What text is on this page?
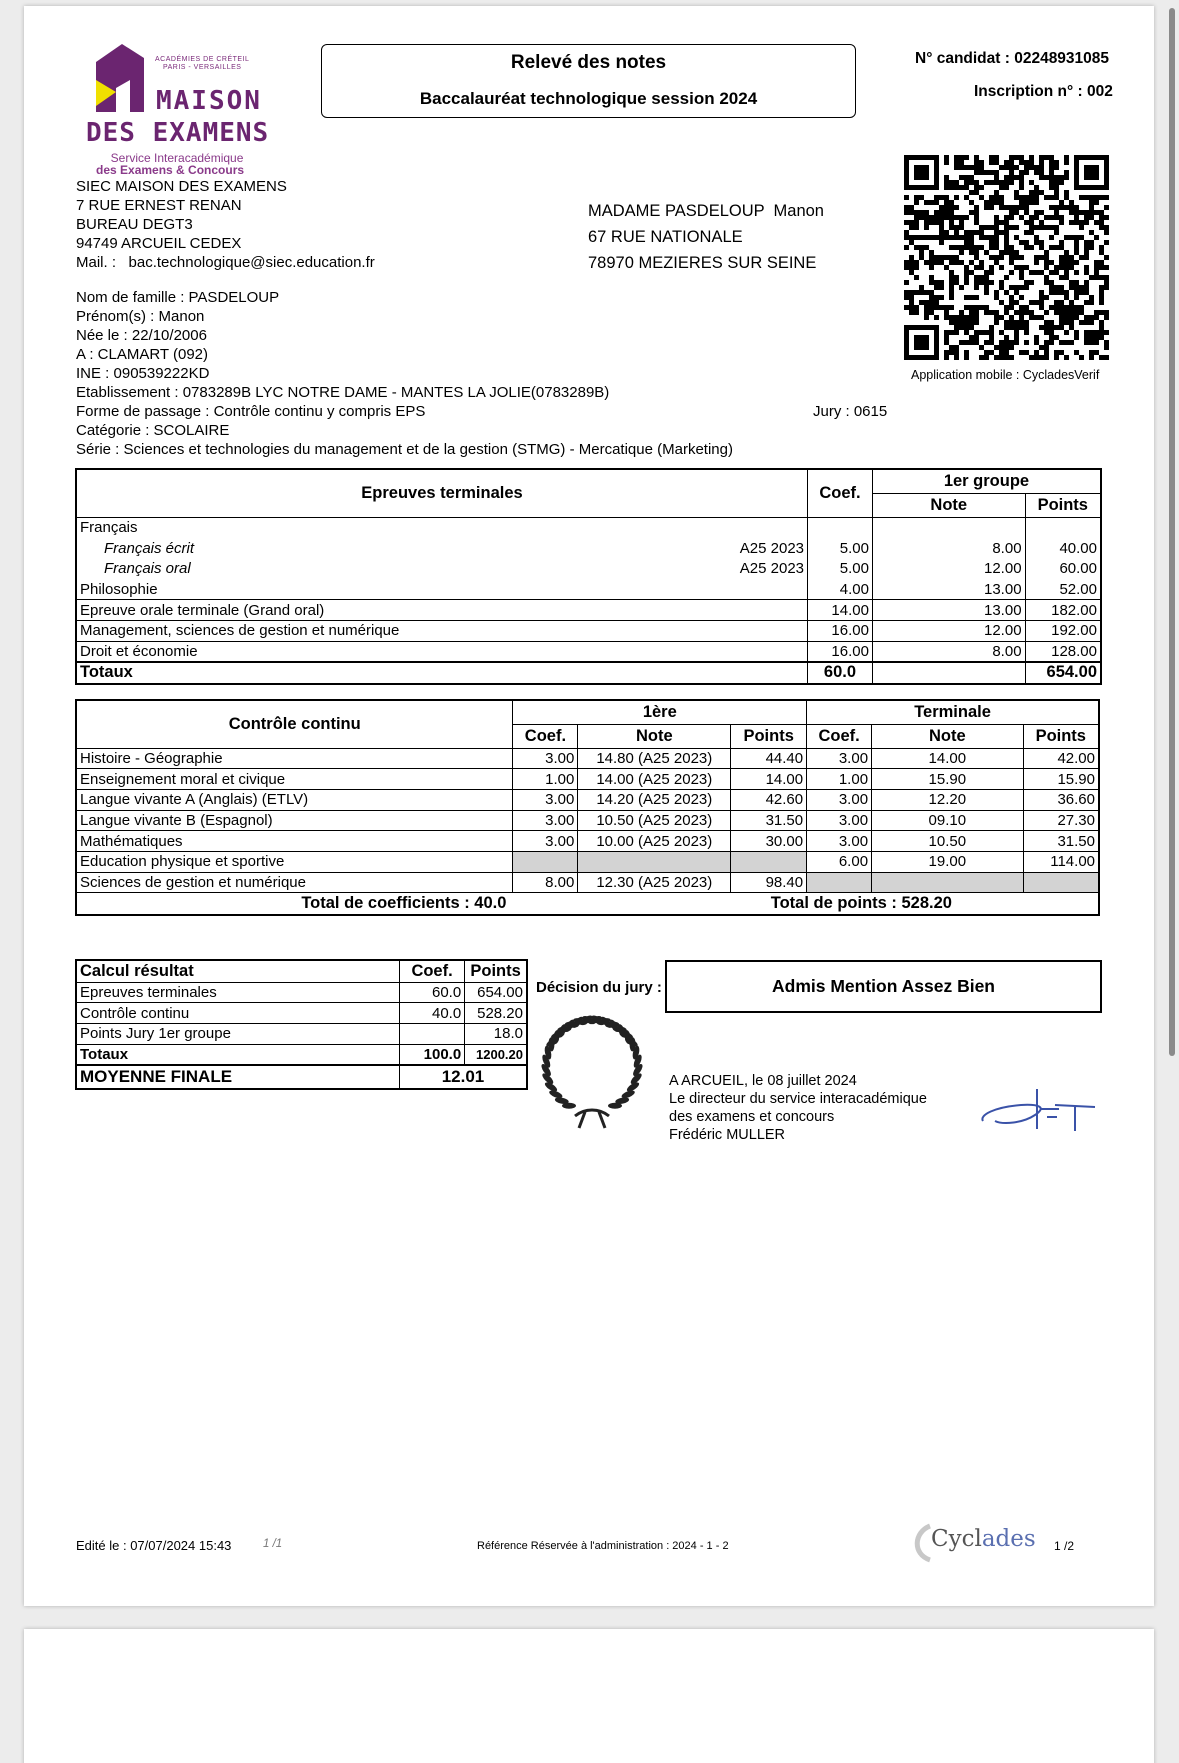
ACADÉMIES DE CRÉTEIL
PARIS - VERSAILLES
MAISON
DES EXAMENS
Service Interacadémique
des Examens & Concours
Relevé des notes
Baccalauréat technologique session 2024
N° candidat : 02248931085
Inscription n° : 002
Application mobile : CycladesVerif
SIEC MAISON DES EXAMENS
7 RUE ERNEST RENAN
BUREAU DEGT3
94749 ARCUEIL CEDEX
Mail. : bac.technologique@siec.education.fr
MADAME PASDELOUP  Manon
67 RUE NATIONALE
78970 MEZIERES SUR SEINE
Nom de famille : PASDELOUP
Prénom(s) : Manon
Née le : 22/10/2006
A : CLAMART (092)
INE : 090539222KD
Etablissement : 0783289B LYC NOTRE DAME - MANTES LA JOLIE(0783289B)
Forme de passage : Contrôle continu y compris EPS
Catégorie : SCOLAIRE
Série : Sciences et technologies du management et de la gestion (STMG) - Mercatique (Marketing)
Jury : 0615
Epreuves terminales	Coef.	1er groupe	
		Note	Points
Français			
Français écrit A25 2023	5.00	8.00	40.00
Français oral A25 2023	5.00	12.00	60.00
Philosophie	4.00	13.00	52.00
Epreuve orale terminale (Grand oral)	14.00	13.00	182.00
Management, sciences de gestion et numérique	16.00	12.00	192.00
Droit et économie	16.00	8.00	128.00
Totaux	60.0		654.00
Contrôle continu	1ère			Terminale		
	Coef.	Note	Points	Coef.	Note	Points
Histoire - Géographie	3.00	14.80 (A25 2023)	44.40	3.00	14.00	42.00
Enseignement moral et civique	1.00	14.00 (A25 2023)	14.00	1.00	15.90	15.90
Langue vivante A (Anglais) (ETLV)	3.00	14.20 (A25 2023)	42.60	3.00	12.20	36.60
Langue vivante B (Espagnol)	3.00	10.50 (A25 2023)	31.50	3.00	09.10	27.30
Mathématiques	3.00	10.00 (A25 2023)	30.00	3.00	10.50	31.50
Education physique et sportive				6.00	19.00	114.00
Sciences de gestion et numérique	8.00	12.30 (A25 2023)	98.40			
Total de coefficients : 40.0			Total de points : 528.20			
Calcul résultat	Coef.	Points
Epreuves terminales	60.0	654.00
Contrôle continu	40.0	528.20
Points Jury 1er groupe		18.0
Totaux	100.0	1200.20
MOYENNE FINALE	12.01	
Décision du jury :	Admis Mention Assez Bien
A ARCUEIL, le 08 juillet 2024
Le directeur du service interacadémique
des examens et concours
Frédéric MULLER
Edité le : 07/07/2024 15:43	1 /1	Référence Réservée à l'administration : 2024 - 1 - 2	Cyclades 1 /2
